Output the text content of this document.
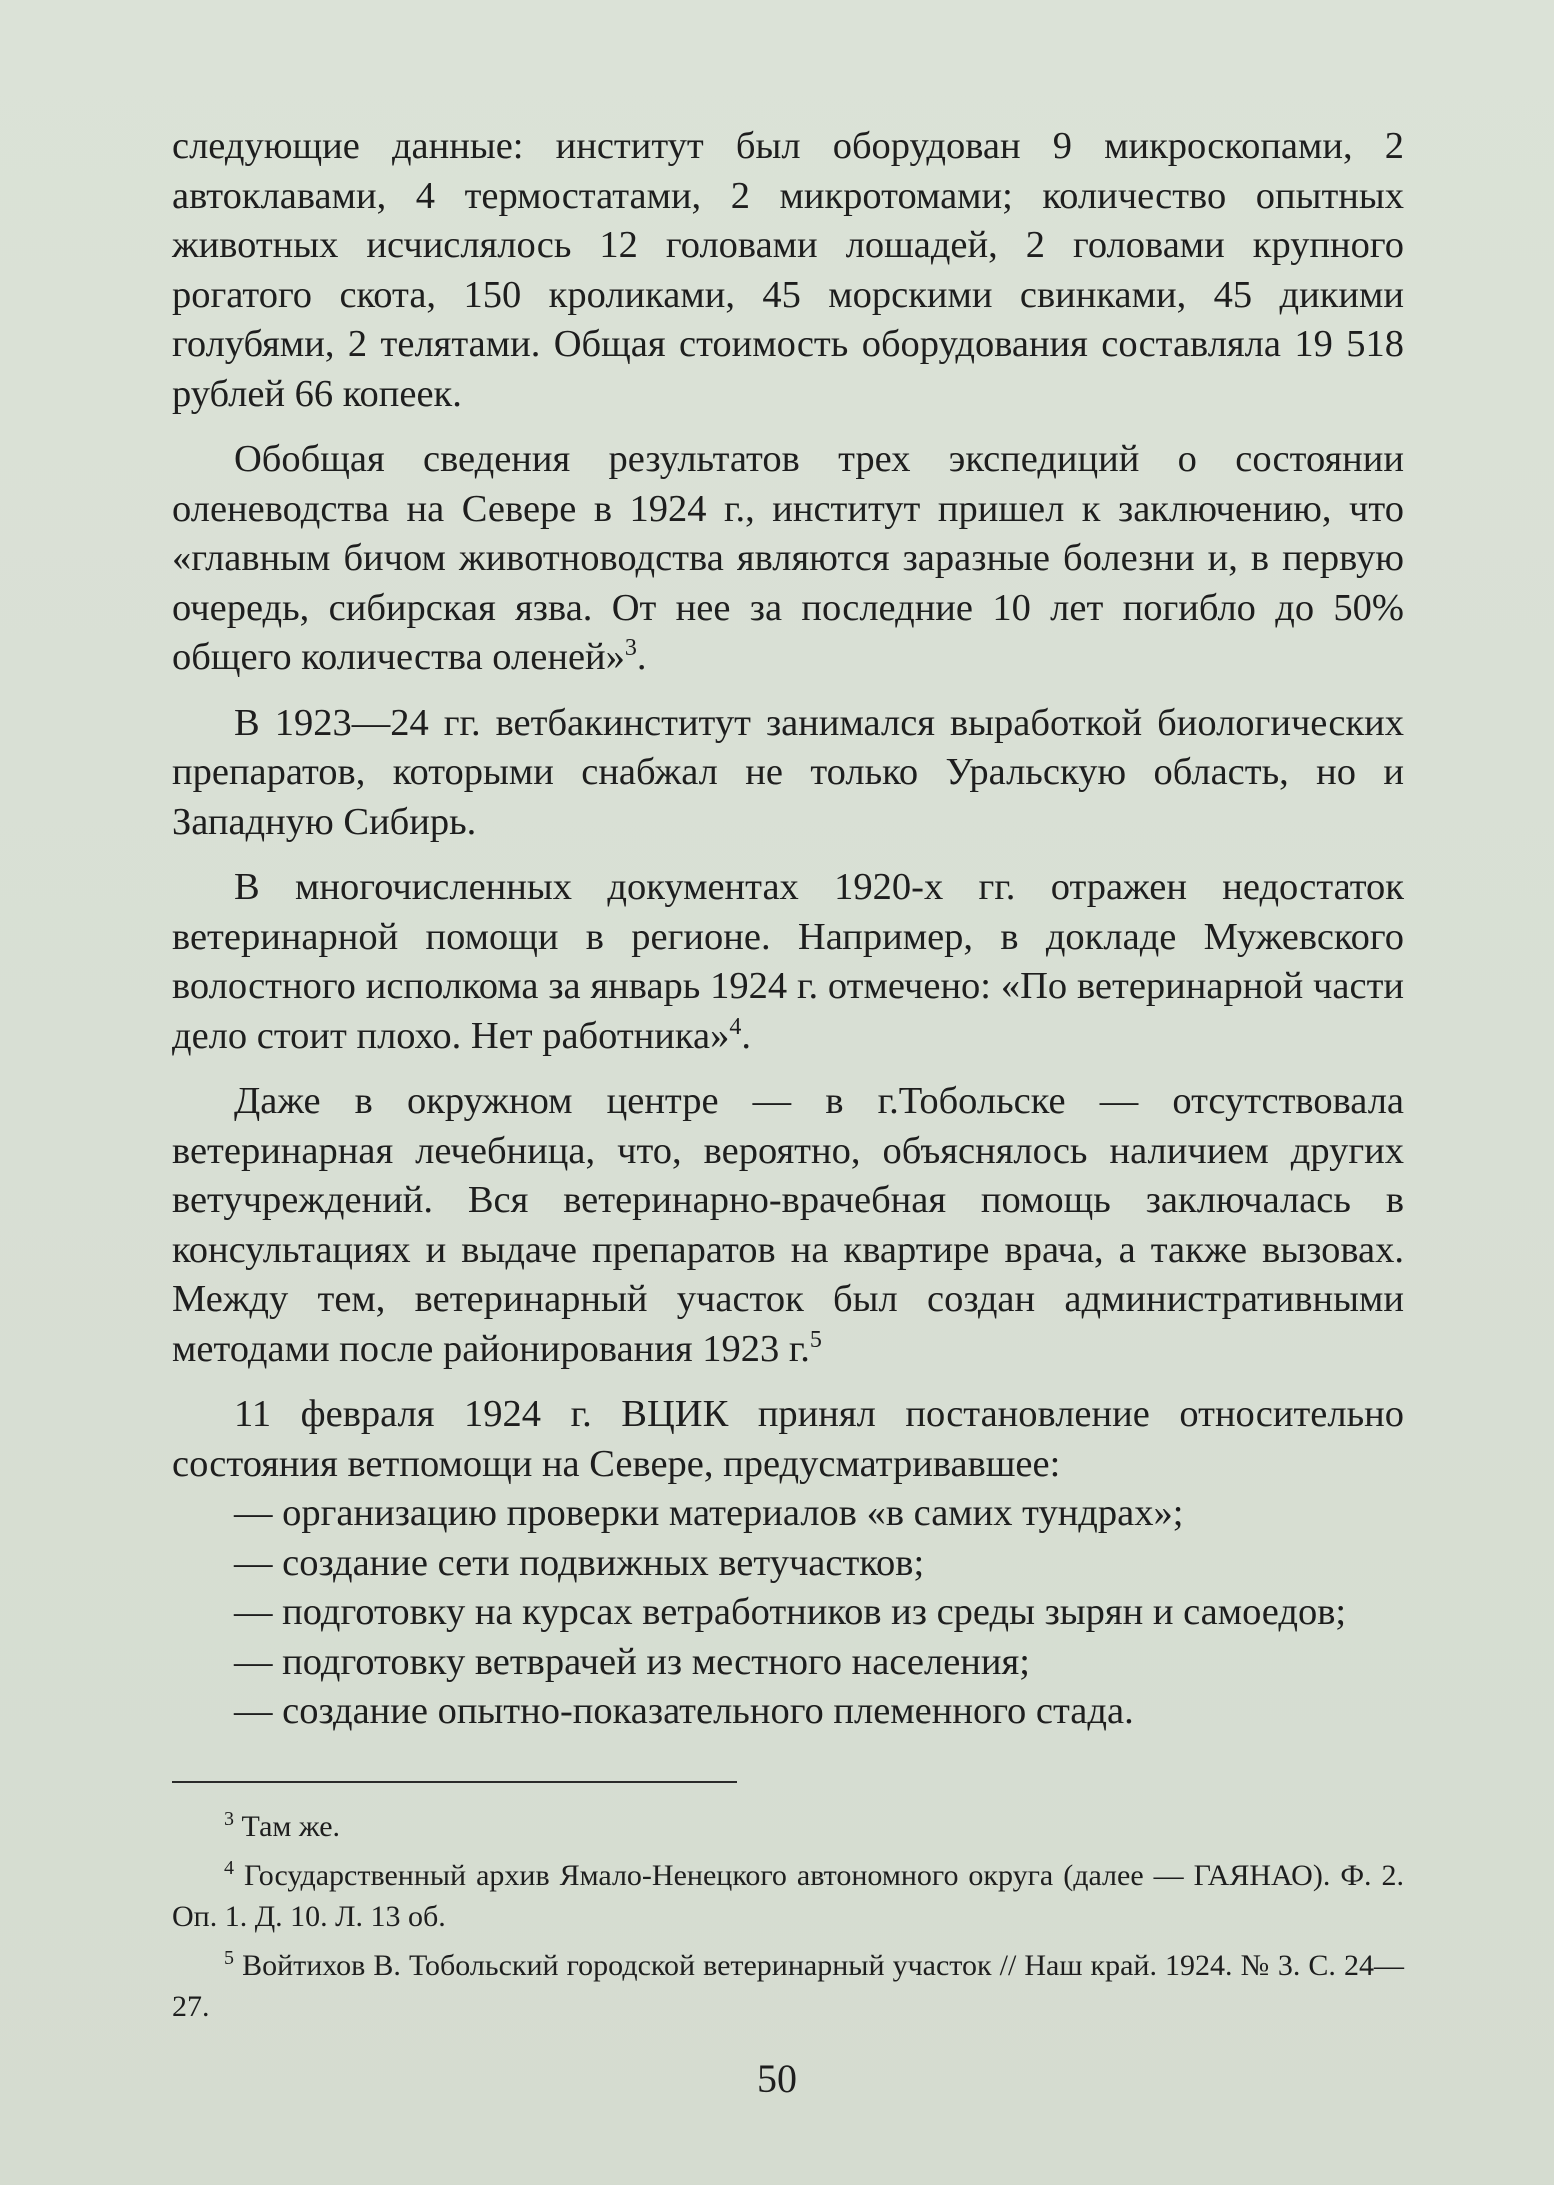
следующие данные: институт был оборудован 9 микроскопами, 2 автоклавами, 4 термостатами, 2 микротомами; количество опытных животных исчислялось 12 головами лошадей, 2 головами крупного рогатого скота, 150 кроликами, 45 морскими свинками, 45 дикими голубями, 2 телятами. Общая стоимость оборудования составляла 19 518 рублей 66 копеек.

Обобщая сведения результатов трех экспедиций о состоянии оленеводства на Севере в 1924 г., институт пришел к заключению, что «главным бичом животноводства являются заразные болезни и, в первую очередь, сибирская язва. От нее за последние 10 лет погибло до 50% общего количества оленей»$^3$.

В 1923—24 гг. ветбакинститут занимался выработкой биологических препаратов, которыми снабжал не только Уральскую область, но и Западную Сибирь.

В многочисленных документах 1920-х гг. отражен недостаток ветеринарной помощи в регионе. Например, в докладе Мужевского волостного исполкома за январь 1924 г. отмечено: «По ветеринарной части дело стоит плохо. Нет работника»$^4$.

Даже в окружном центре — в г.Тобольске — отсутствовала ветеринарная лечебница, что, вероятно, объяснялось наличием других ветучреждений. Вся ветеринарно-врачебная помощь заключалась в консультациях и выдаче препаратов на квартире врача, а также вызовах. Между тем, ветеринарный участок был создан административными методами после районирования 1923 г.$^5$

11 февраля 1924 г. ВЦИК принял постановление относительно состояния ветпомощи на Севере, предусматривавшее:

— организацию проверки материалов «в самих тундрах»;
— создание сети подвижных ветучастков;
— подготовку на курсах ветработников из среды зырян и самоедов;
— подготовку ветврачей из местного населения;
— создание опытно-показательного племенного стада.

$^3$ Там же.

$^4$ Государственный архив Ямало-Ненецкого автономного округа (далее — ГАЯНАО). Ф. 2. Оп. 1. Д. 10. Л. 13 об.

$^5$ Войтихов В. Тобольский городской ветеринарный участок // Наш край. 1924. № 3. С. 24—27.

50
